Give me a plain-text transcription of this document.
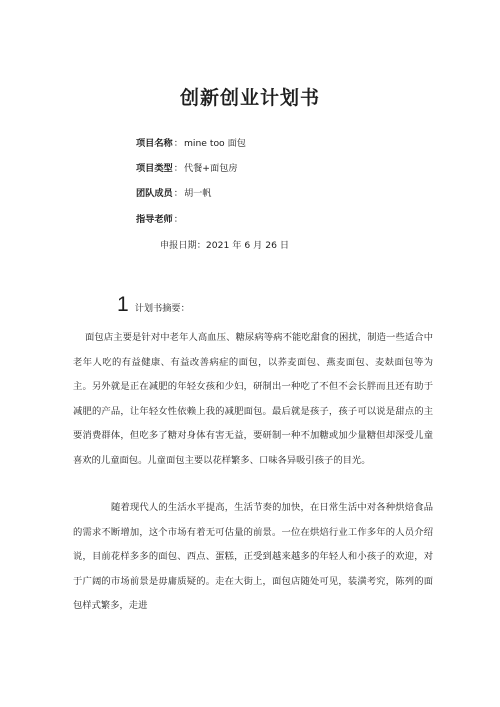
创新创业计划书
项目名称：mine too 面包
项目类型：代餐+面包房
团队成员：胡一帆
指导老师：
申报日期：2021 年 6 月 26 日
1 计划书摘要：

面包店主要是针对中老年人高血压、糖尿病等病不能吃甜食的困扰，制造一些适合中老年人吃的有益健康、有益改善病症的面包，以荞麦面包、燕麦面包、麦麸面包等为主。另外就是正在减肥的年轻女孩和少妇，研制出一种吃了不但不会长胖而且还有助于减肥的产品，让年轻女性依赖上我的减肥面包。最后就是孩子，孩子可以说是甜点的主要消费群体，但吃多了糖对身体有害无益，要研制一种不加糖或加少量糖但却深受儿童喜欢的儿童面包。儿童面包主要以花样繁多、口味各异吸引孩子的目光。

随着现代人的生活水平提高，生活节奏的加快，在日常生活中对各种烘焙食品的需求不断增加，这个市场有着无可估量的前景。一位在烘焙行业工作多年的人员介绍说，目前花样多多的面包、西点、蛋糕，正受到越来越多的年轻人和小孩子的欢迎，对于广阔的市场前景是毋庸质疑的。走在大街上，面包店随处可见，装潢考究，陈列的面包样式繁多，走进
